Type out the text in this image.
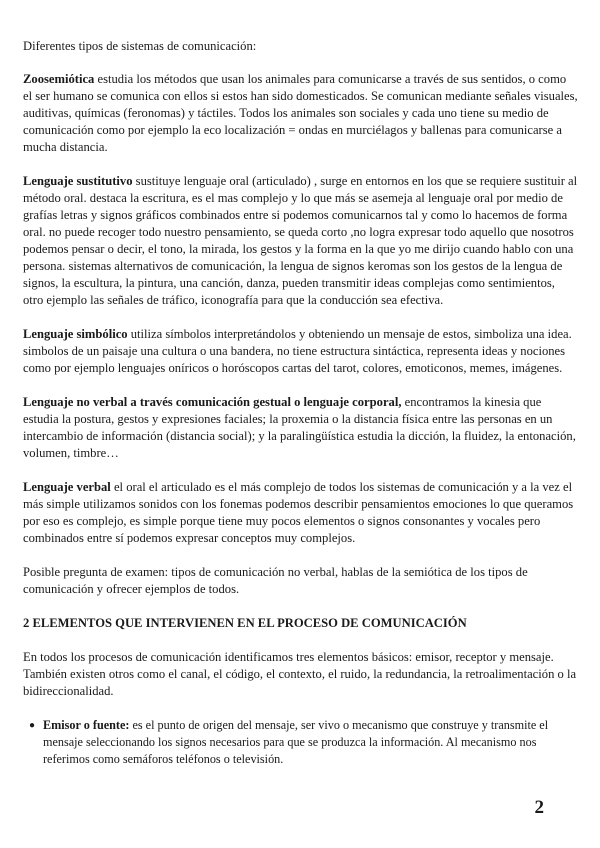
Diferentes tipos de sistemas de comunicación:

Zoosemiótica estudia los métodos que usan los animales para comunicarse a través de sus sentidos, o como el ser humano se comunica con ellos si estos han sido domesticados. Se comunican mediante señales visuales, auditivas, químicas (feronomas) y táctiles. Todos los animales son sociales y cada uno tiene su medio de comunicación como por ejemplo la eco localización = ondas en murciélagos y ballenas para comunicarse a mucha distancia.

Lenguaje sustitutivo sustituye lenguaje oral (articulado) , surge en entornos en los que se requiere sustituir al método oral. destaca la escritura, es el mas complejo y lo que más se asemeja al lenguaje oral por medio de grafías letras y signos gráficos combinados entre si podemos comunicarnos tal y como lo hacemos de forma oral. no puede recoger todo nuestro pensamiento, se queda corto ,no logra expresar todo aquello que nosotros podemos pensar o decir, el tono, la mirada, los gestos y la forma en la que yo me dirijo cuando hablo con una persona. sistemas alternativos de comunicación, la lengua de signos keromas son los gestos de la lengua de signos, la escultura, la pintura, una canción, danza, pueden transmitir ideas complejas como sentimientos, otro ejemplo las señales de tráfico, iconografía para que la conducción sea efectiva.

Lenguaje simbólico utiliza símbolos interpretándolos y obteniendo un mensaje de estos, simboliza una idea. simbolos de un paisaje una cultura o una bandera, no tiene estructura sintáctica, representa ideas y nociones como por ejemplo lenguajes oníricos o horóscopos cartas del tarot, colores, emoticonos, memes, imágenes.

Lenguaje no verbal a través comunicación gestual o lenguaje corporal, encontramos la kinesia que estudia la postura, gestos y expresiones faciales; la proxemia o la distancia física entre las personas en un intercambio de información (distancia social); y la paralingüística estudia la dicción, la fluidez, la entonación, volumen, timbre…

Lenguaje verbal el oral el articulado es el más complejo de todos los sistemas de comunicación y a la vez el más simple utilizamos sonidos con los fonemas podemos describir pensamientos emociones lo que queramos por eso es complejo, es simple porque tiene muy pocos elementos o signos consonantes y vocales pero combinados entre sí podemos expresar conceptos muy complejos.

Posible pregunta de examen: tipos de comunicación no verbal, hablas de la semiótica de los tipos de comunicación y ofrecer ejemplos de todos.

2 ELEMENTOS QUE INTERVIENEN EN EL PROCESO DE COMUNICACIÓN

En todos los procesos de comunicación identificamos tres elementos básicos: emisor, receptor y mensaje. También existen otros como el canal, el código, el contexto, el ruido, la redundancia, la retroalimentación o la bidireccionalidad.

● Emisor o fuente: es el punto de origen del mensaje, ser vivo o mecanismo que construye y transmite el mensaje seleccionando los signos necesarios para que se produzca la información. Al mecanismo nos referimos como semáforos teléfonos o televisión.
2
